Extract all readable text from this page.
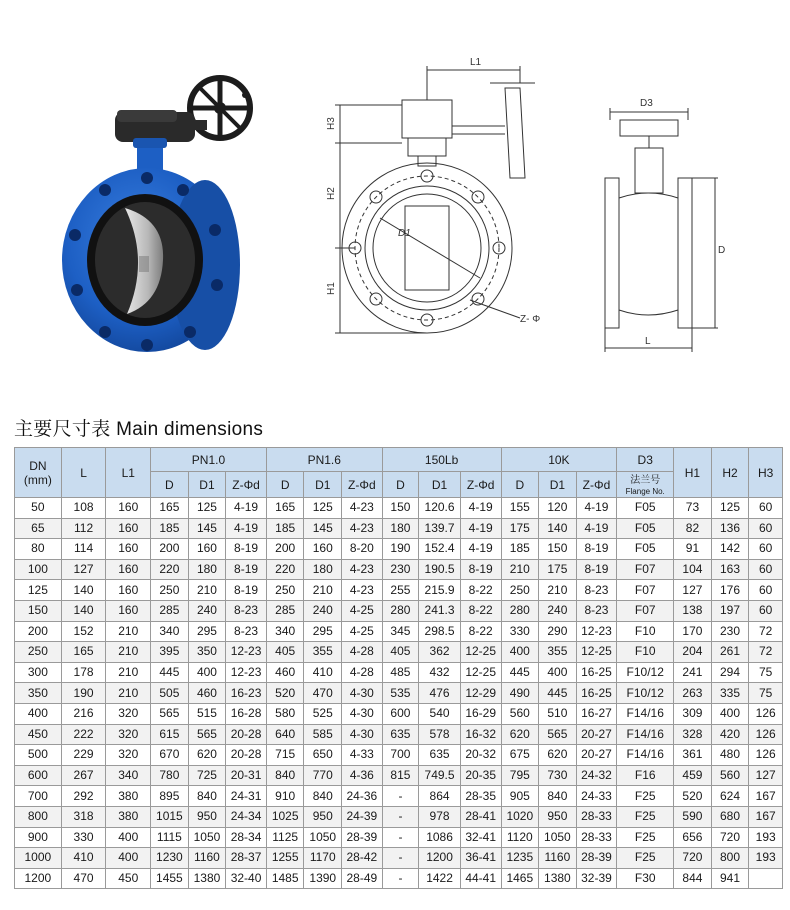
L1
H3
H2
H1
D1
Z- Φ
D3
D
L
主要尺寸表 Main dimensions
DN
(mm)	L	L1	PN1.0			PN1.6			150Lb			10K			D3	H1	H2	H3
			D	D1	Z-Φd	D	D1	Z-Φd	D	D1	Z-Φd	D	D1	Z-Φd	法兰号
Flange No.			

50	108	160	165	125	4-19	165	125	4-23	150	120.6	4-19	155	120	4-19	F05	73	125	60
65	112	160	185	145	4-19	185	145	4-23	180	139.7	4-19	175	140	4-19	F05	82	136	60
80	114	160	200	160	8-19	200	160	8-20	190	152.4	4-19	185	150	8-19	F05	91	142	60
100	127	160	220	180	8-19	220	180	4-23	230	190.5	8-19	210	175	8-19	F07	104	163	60
125	140	160	250	210	8-19	250	210	4-23	255	215.9	8-22	250	210	8-23	F07	127	176	60
150	140	160	285	240	8-23	285	240	4-25	280	241.3	8-22	280	240	8-23	F07	138	197	60
200	152	210	340	295	8-23	340	295	4-25	345	298.5	8-22	330	290	12-23	F10	170	230	72
250	165	210	395	350	12-23	405	355	4-28	405	362	12-25	400	355	12-25	F10	204	261	72
300	178	210	445	400	12-23	460	410	4-28	485	432	12-25	445	400	16-25	F10/12	241	294	75
350	190	210	505	460	16-23	520	470	4-30	535	476	12-29	490	445	16-25	F10/12	263	335	75
400	216	320	565	515	16-28	580	525	4-30	600	540	16-29	560	510	16-27	F14/16	309	400	126
450	222	320	615	565	20-28	640	585	4-30	635	578	16-32	620	565	20-27	F14/16	328	420	126
500	229	320	670	620	20-28	715	650	4-33	700	635	20-32	675	620	20-27	F14/16	361	480	126
600	267	340	780	725	20-31	840	770	4-36	815	749.5	20-35	795	730	24-32	F16	459	560	127
700	292	380	895	840	24-31	910	840	24-36	-	864	28-35	905	840	24-33	F25	520	624	167
800	318	380	1015	950	24-34	1025	950	24-39	-	978	28-41	1020	950	28-33	F25	590	680	167
900	330	400	1115	1050	28-34	1125	1050	28-39	-	1086	32-41	1120	1050	28-33	F25	656	720	193
1000	410	400	1230	1160	28-37	1255	1170	28-42	-	1200	36-41	1235	1160	28-39	F25	720	800	193
1200	470	450	1455	1380	32-40	1485	1390	28-49	-	1422	44-41	1465	1380	32-39	F30	844	941	
